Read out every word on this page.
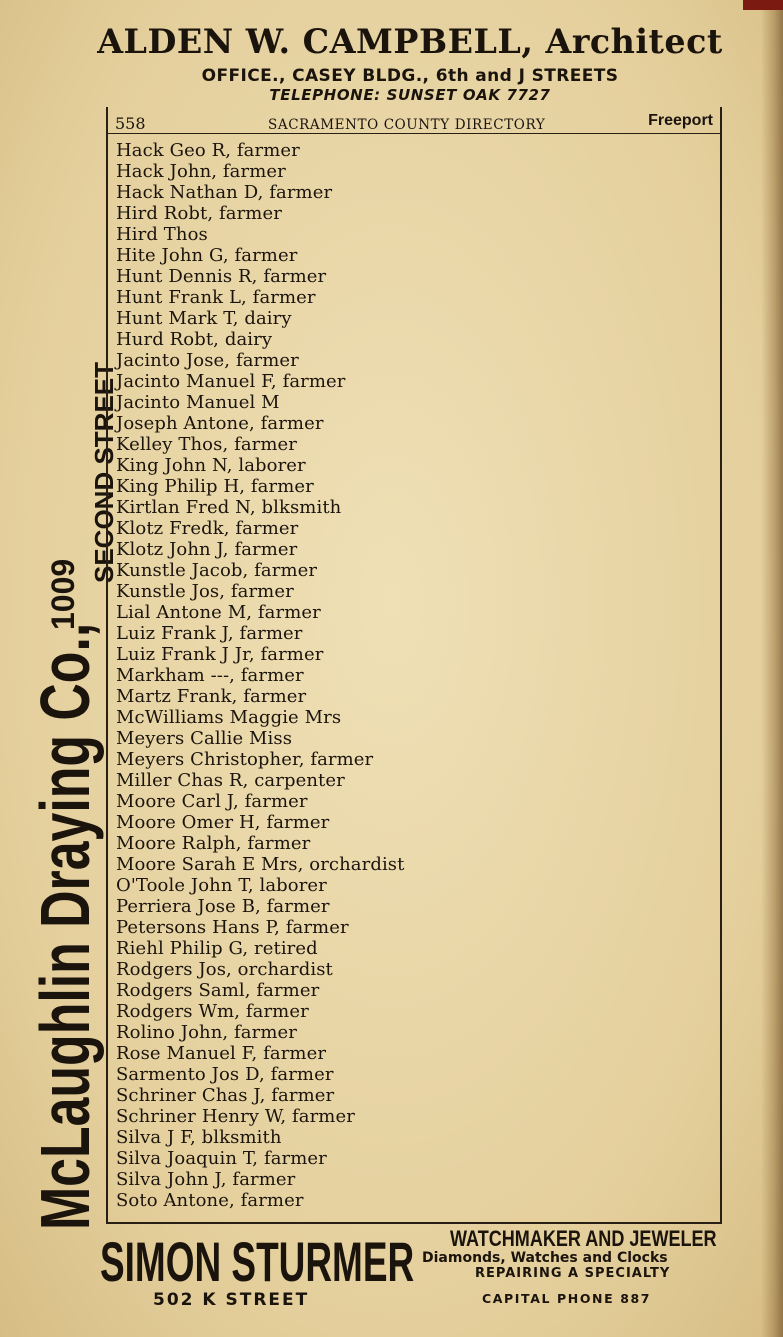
ALDEN W. CAMPBELL, Architect
OFFICE., CASEY BLDG., 6th and J STREETS
TELEPHONE: SUNSET OAK 7727
McLaughlin Draying Co.,
1009
SECOND STREET
558	SACRAMENTO COUNTY DIRECTORY	Freeport
Hack Geo R, farmer
Hack John, farmer
Hack Nathan D, farmer
Hird Robt, farmer
Hird Thos
Hite John G, farmer
Hunt Dennis R, farmer
Hunt Frank L, farmer
Hunt Mark T, dairy
Hurd Robt, dairy
Jacinto Jose, farmer
Jacinto Manuel F, farmer
Jacinto Manuel M
Joseph Antone, farmer
Kelley Thos, farmer
King John N, laborer
King Philip H, farmer
Kirtlan Fred N, blksmith
Klotz Fredk, farmer
Klotz John J, farmer
Kunstle Jacob, farmer
Kunstle Jos, farmer
Lial Antone M, farmer
Luiz Frank J, farmer
Luiz Frank J Jr, farmer
Markham ---, farmer
Martz Frank, farmer
McWilliams Maggie Mrs
Meyers Callie Miss
Meyers Christopher, farmer
Miller Chas R, carpenter
Moore Carl J, farmer
Moore Omer H, farmer
Moore Ralph, farmer
Moore Sarah E Mrs, orchardist
O'Toole John T, laborer
Perriera Jose B, farmer
Petersons Hans P, farmer
Riehl Philip G, retired
Rodgers Jos, orchardist
Rodgers Saml, farmer
Rodgers Wm, farmer
Rolino John, farmer
Rose Manuel F, farmer
Sarmento Jos D, farmer
Schriner Chas J, farmer
Schriner Henry W, farmer
Silva J F, blksmith
Silva Joaquin T, farmer
Silva John J, farmer
Soto Antone, farmer
SIMON STURMER
502 K STREET
WATCHMAKER AND JEWELER
Diamonds, Watches and Clocks
REPAIRING A SPECIALTY
CAPITAL PHONE 887
